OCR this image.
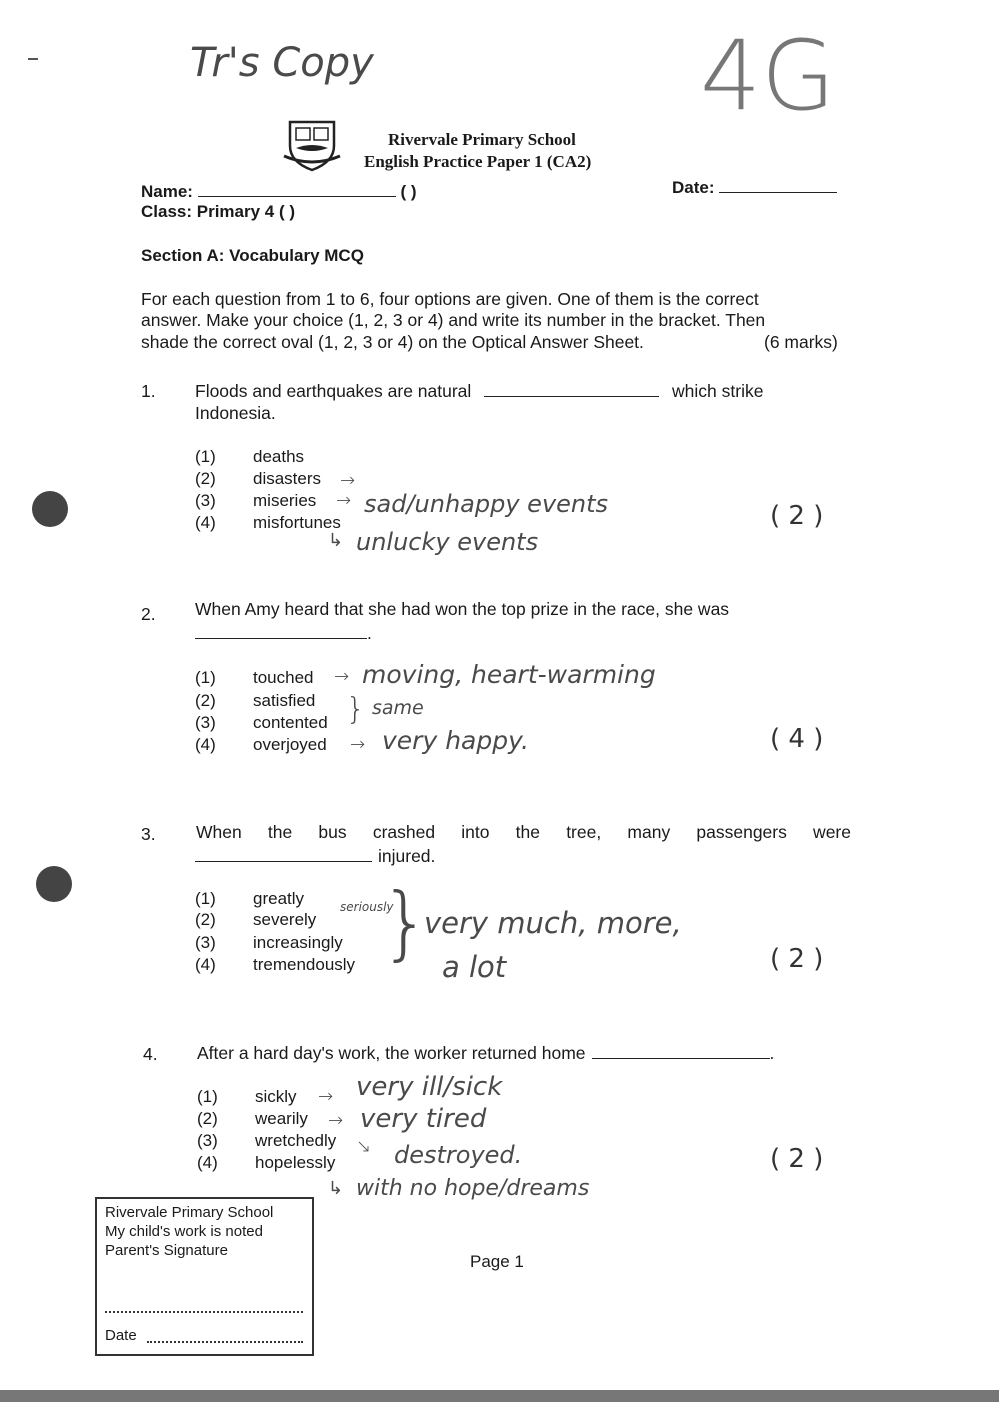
Tr's Copy	4G
Rivervale Primary School
English Practice Paper 1 (CA2)
Name:	( )	Date:
Class: Primary 4 ( )
Section A: Vocabulary MCQ
For each question from 1 to 6, four options are given. One of them is the correct
answer. Make your choice (1, 2, 3 or 4) and write its number in the bracket. Then
shade the correct oval (1, 2, 3 or 4) on the Optical Answer Sheet.	(6 marks)
1. Floods and earthquakes are natural	which strike
Indonesia.
(1) deaths
(2) disasters
(3) miseries
(4) misfortunes
→
→ sad/unhappy events
↳ unlucky events
( 2 )
2. When Amy heard that she had won the top prize in the race, she was
.
(1) touched
(2) satisfied
(3) contented
(4) overjoyed
→ moving, heart-warming
} same
→ very happy.	( 4 )
3. When the bus crashed into the tree, many passengers were
injured.
(1) greatly
(2) severely
(3) increasingly
(4) tremendously
seriously
}
very much, more,
a lot	( 2 )
4. After a hard day's work, the worker returned home	.
(1) sickly
(2) wearily
(3) wretchedly
(4) hopelessly
→ very ill/sick
→ very tired
↘ destroyed.
↳ with no hope/dreams
( 2 )
Rivervale Primary School
My child's work is noted
Parent's Signature
Date
Page 1
